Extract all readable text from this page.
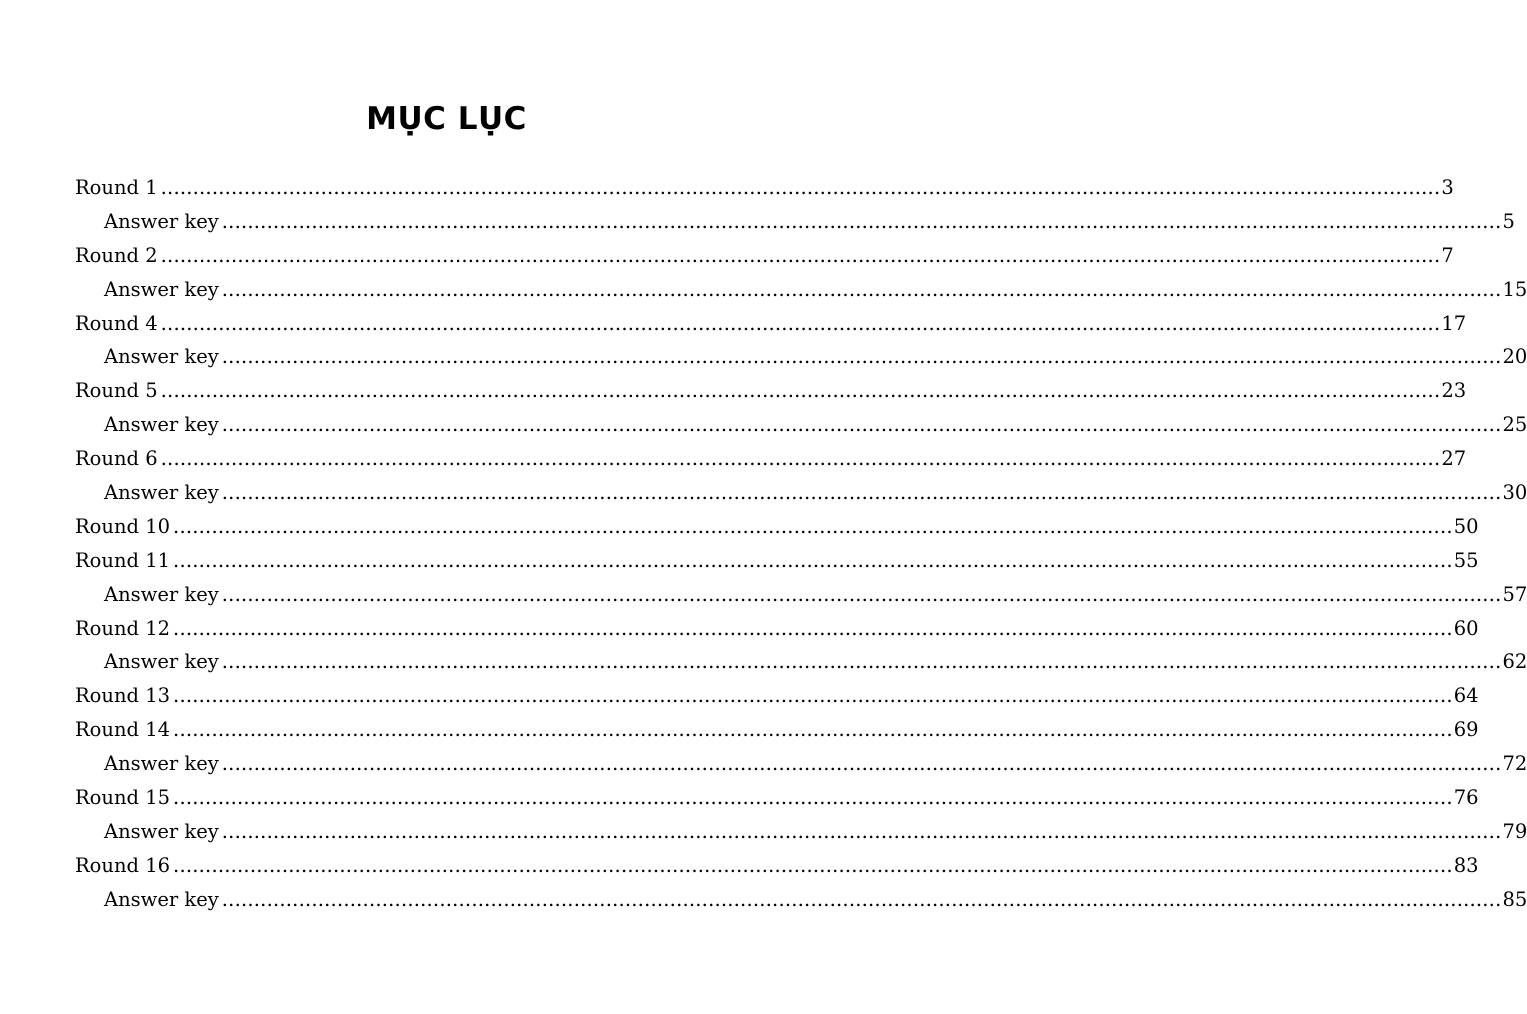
MỤC LỤC
Round 1 ........................................................................................................................................................................................................ 3
Answer key ........................................................................................................................................................................................................ 5
Round 2 ........................................................................................................................................................................................................ 7
Answer key ........................................................................................................................................................................................................ 15
Round 4 ........................................................................................................................................................................................................ 17
Answer key ........................................................................................................................................................................................................ 20
Round 5 ........................................................................................................................................................................................................ 23
Answer key ........................................................................................................................................................................................................ 25
Round 6 ........................................................................................................................................................................................................ 27
Answer key ........................................................................................................................................................................................................ 30
Round 10 ........................................................................................................................................................................................................ 50
Round 11 ........................................................................................................................................................................................................ 55
Answer key ........................................................................................................................................................................................................ 57
Round 12 ........................................................................................................................................................................................................ 60
Answer key ........................................................................................................................................................................................................ 62
Round 13 ........................................................................................................................................................................................................ 64
Round 14 ........................................................................................................................................................................................................ 69
Answer key ........................................................................................................................................................................................................ 72
Round 15 ........................................................................................................................................................................................................ 76
Answer key ........................................................................................................................................................................................................ 79
Round 16 ........................................................................................................................................................................................................ 83
Answer key ........................................................................................................................................................................................................ 85
